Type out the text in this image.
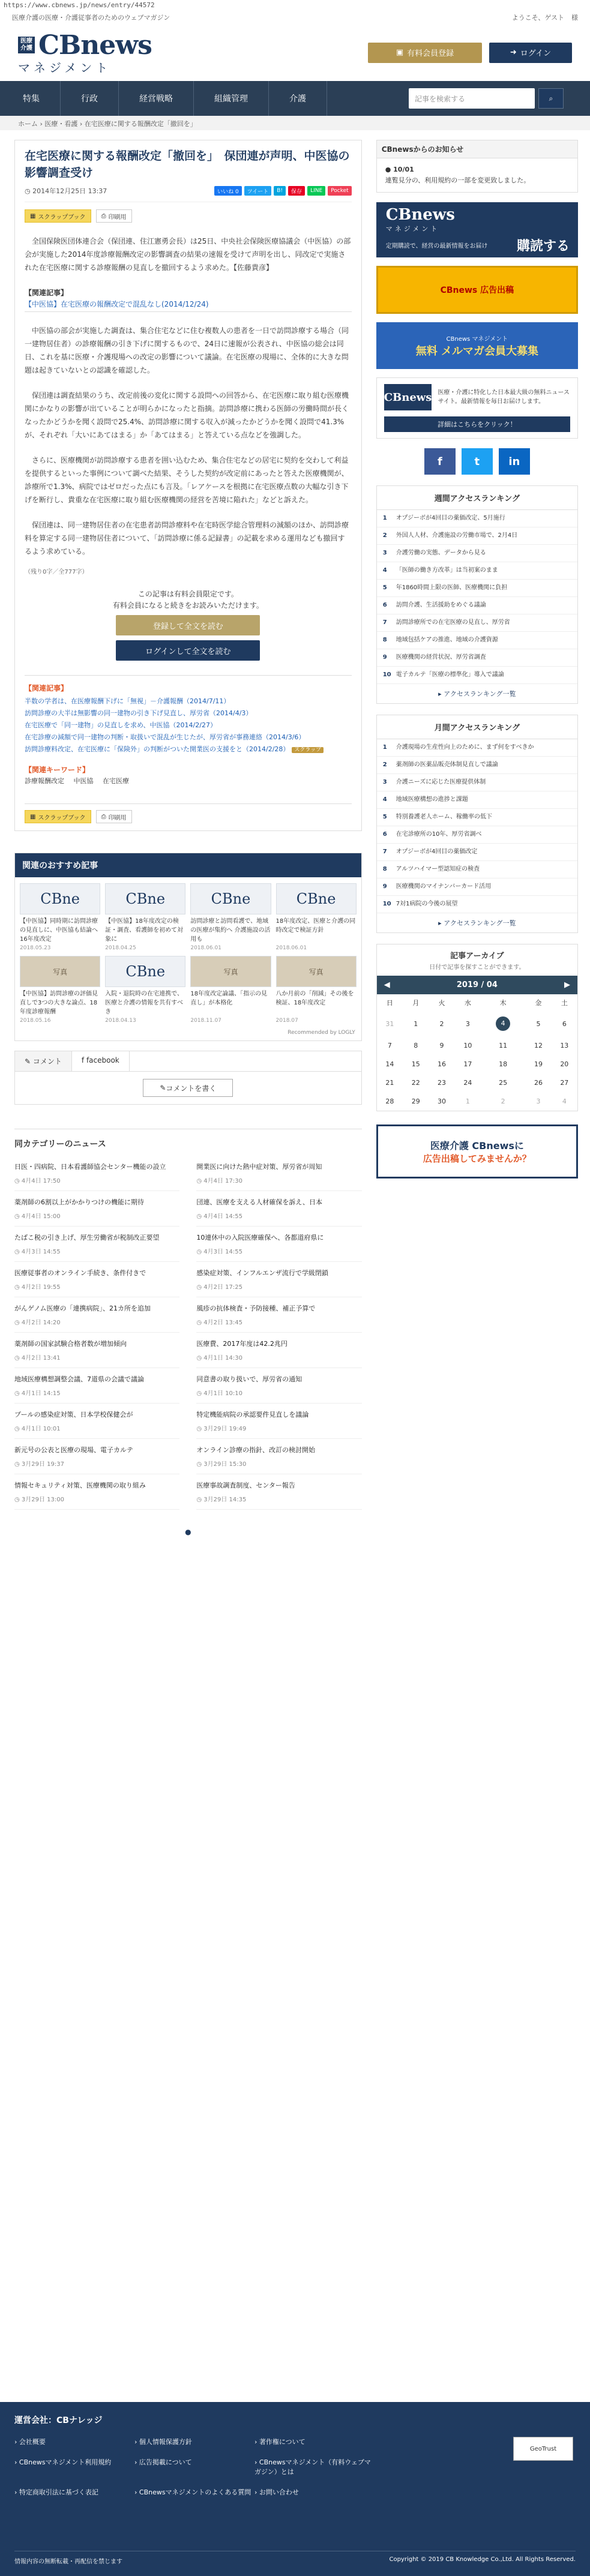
https://www.cbnews.jp/news/entry/44572
医療介護の医療・介護従事者のためのウェブマガジン	ようこそ、ゲスト 様
医療
介護 CBnews
マネジメント
▣ 有料会員登録	➜ ログイン
特集	行政	経営戦略	組織管理	介護	記事を検索する	⌕
ホーム › 医療・看護 › 在宅医療に関する報酬改定「撤回を」
在宅医療に関する報酬改定「撤回を」　保団連が声明、中医協の影響調査受け
◷ 2014年12月25日 13:37	いいね 0	ツイート	B!	保存	LINE	Pocket
▦ スクラップブック	⎙ 印刷用

　全国保険医団体連合会（保団連、住江憲勇会長）は25日、中央社会保険医療協議会（中医協）の部会が実施した2014年度診療報酬改定の影響調査の結果の速報を受けて声明を出し、同改定で実施された在宅医療に関する診療報酬の見直しを撤回するよう求めた。【佐藤貴彦】

【関連記事】
【中医協】在宅医療の報酬改定で混乱なし(2014/12/24)

　中医協の部会が実施した調査は、集合住宅などに住む複数人の患者を一日で訪問診療する場合（同一建物居住者）の診療報酬の引き下げに関するもので、24日に速報が公表され、中医協の総会は同日、これを基に医療・介護現場への改定の影響について議論。在宅医療の現場に、全体的に大きな問題は起きていないとの認識を確認した。

　保団連は調査結果のうち、改定前後の変化に関する設問への回答から、在宅医療に取り組む医療機関にかなりの影響が出ていることが明らかになったと指摘。訪問診療に携わる医師の労働時間が長くなったかどうかを聞く設問で25.4%、訪問診療に関する収入が減ったかどうかを聞く設問で41.3%が、それぞれ「大いにあてはまる」か「あてはまる」と答えている点などを強調した。

　さらに、医療機関が訪問診療する患者を囲い込むため、集合住宅などの居宅に契約を交わして利益を提供するといった事例について調べた結果、そうした契約が改定前にあったと答えた医療機関が、診療所で1.3%、病院ではゼロだった点にも言及。「レアケースを根拠に在宅医療点数の大幅な引き下げを断行し、貴重な在宅医療に取り組む医療機関の経営を苦境に陥れた」などと訴えた。

　保団連は、同一建物居住者の在宅患者訪問診療料や在宅時医学総合管理料の減額のほか、訪問診療料を算定する同一建物居住者について、「訪問診療に係る記録書」の記載を求める運用なども撤回するよう求めている。

（残り0字／全777字）
この記事は有料会員限定です。
有料会員になると続きをお読みいただけます。
登録して全文を読む
ログインして全文を読む
【関連記事】
半数の学者は、在医療報酬下げに「無視」－介護報酬（2014/7/11）
訪問診療の大半は無影響の同一建物の引き下げ見直し、厚労省（2014/4/3）
在宅医療で「同一建物」の見直しを求め、中医協（2014/2/27）
在宅診療の減額で同一建物の判断・取扱いで混乱が生じたが、厚労省が事務連絡（2014/3/6）
訪問診療料改定、在宅医療に「保険外」の判断がついた開業医の支援をと（2014/2/28） スクラップ
【関連キーワード】
診療報酬改定 中医協 在宅医療
▦ スクラップブック	⎙ 印刷用
関連のおすすめ記事
CBne
【中医協】同時期に訪問診療の見直しに、中医協も結論へ 16年度改定
2018.05.23
CBne
【中医協】18年度改定の検証・調査、看護師を初めて対象に
2018.04.25
CBne
訪問診療と訪問看護で、地域の医療が集約へ 介護施設の活用も
2018.06.01
CBne
18年度改定、医療と介護の同時改定で検証方針
2018.06.01
写真
【中医協】訪問診療の評価見直しで3つの大きな論点、18年度診療報酬
2018.05.16
CBne
入院・退院時の在宅連携で、医療と介護の情報を共有すべき
2018.04.13
写真
18年度改定論議、「指示の見直し」が本格化
2018.11.07
写真
八か月前の「削減」その後を検証、18年度改定
2018.07
Recommended by LOGLY
✎ コメント	f facebook
✎ コメントを書く
同カテゴリーのニュース
日医・四病院、日本看護師協会センター機能の設立
◷ 4月4日 17:50
開業医に向けた熱中症対策、厚労省が周知
◷ 4月4日 17:30
薬剤師の6割以上がかかりつけの機能に期待
◷ 4月4日 15:00
団連、医療を支える人材確保を訴え、日本
◷ 4月4日 14:55
たばこ税の引き上げ、厚生労働省が税制改正要望
◷ 4月3日 14:55
10連休中の入院医療確保へ、各都道府県に
◷ 4月3日 14:55
医療従事者のオンライン手続き、条件付きで
◷ 4月2日 19:55
感染症対策、インフルエンザ流行で学級閉鎖
◷ 4月2日 17:25
がんゲノム医療の「連携病院」、21カ所を追加
◷ 4月2日 14:20
風疹の抗体検査・予防接種、補正予算で
◷ 4月2日 13:45
薬剤師の国家試験合格者数が増加傾向
◷ 4月2日 13:41
医療費、2017年度は42.2兆円
◷ 4月1日 14:30
地域医療構想調整会議、7道県の会議で議論
◷ 4月1日 14:15
同意書の取り扱いで、厚労省の通知
◷ 4月1日 10:10
プールの感染症対策、日本学校保健会が
◷ 4月1日 10:01
特定機能病院の承認要件見直しを議論
◷ 3月29日 19:49
新元号の公表と医療の現場、電子カルテ
◷ 3月29日 19:37
オンライン診療の指針、改訂の検討開始
◷ 3月29日 15:30
情報セキュリティ対策、医療機関の取り組み
◷ 3月29日 13:00
医療事故調査制度、センター報告
◷ 3月29日 14:35
●
CBnewsからのお知らせ
● 10/01
連覧見分の、利用規約の一部を変更致しました。
CBnews
マネジメント
定期購読で、経営の最新情報をお届け 購読する
CBnews 広告出稿
CBnews マネジメント
無料 メルマガ会員大募集
CBnews 医療・介護に特化した日本最大級の無料ニュースサイト。最新情報を毎日お届けします。
詳細はこちらをクリック！
f	t	in
週間アクセスランキング
1	オプジーボが4回目の薬価改定、5月施行
2	外国人人材、介護施設の労働市場で、2月4日
3	介護労働の実態、データから見る
4	「医師の働き方改革」は当初案のまま
5	年1860時間上限の医師、医療機関に負担
6	訪問介護、生活援助をめぐる議論
7	訪問診療所での在宅医療の見直し、厚労省
8	地域包括ケアの推進、地域の介護資源
9	医療機関の経営状況、厚労省調査
10 電子カルテ「医療の標準化」導入で議論
▸ アクセスランキング一覧
月間アクセスランキング
1	介護現場の生産性向上のために、まず何をすべきか
2	薬剤師の医薬品販売体制見直しで議論
3	介護ニーズに応じた医療提供体制
4	地域医療構想の進捗と課題
5	特別養護老人ホーム、稼働率の低下
6	在宅診療所の10年、厚労省調べ
7	オプジーボが4回目の薬価改定
8	アルツハイマー型認知症の検査
9	医療機関のマイナンバーカード活用
10 7対1病院の今後の展望
▸ アクセスランキング一覧
記事アーカイブ
日付で記事を探すことができます。
◀	2019 / 04	▶
日	月	火	水	木	金	土
31	1	2	3	4	5	6
7	8	9	10	11	12	13
14	15	16	17	18	19	20
21	22	23	24	25	26	27
28	29	30	1	2	3	4
医療介護 CBnewsに
広告出稿してみませんか？
運営会社：CBナレッジ
› 会社概要	› 個人情報保護方針	› 著作権について
› CBnewsマネジメント利用規約	› 広告掲載について	› CBnewsマネジメント（有料ウェブマガジン）とは
› 特定商取引法に基づく表記	› CBnewsマネジメントのよくある質問	› お問い合わせ
GeoTrust
情報内容の無断転載・再配信を禁じます	Copyright © 2019 CB Knowledge Co.,Ltd. All Rights Reserved.
